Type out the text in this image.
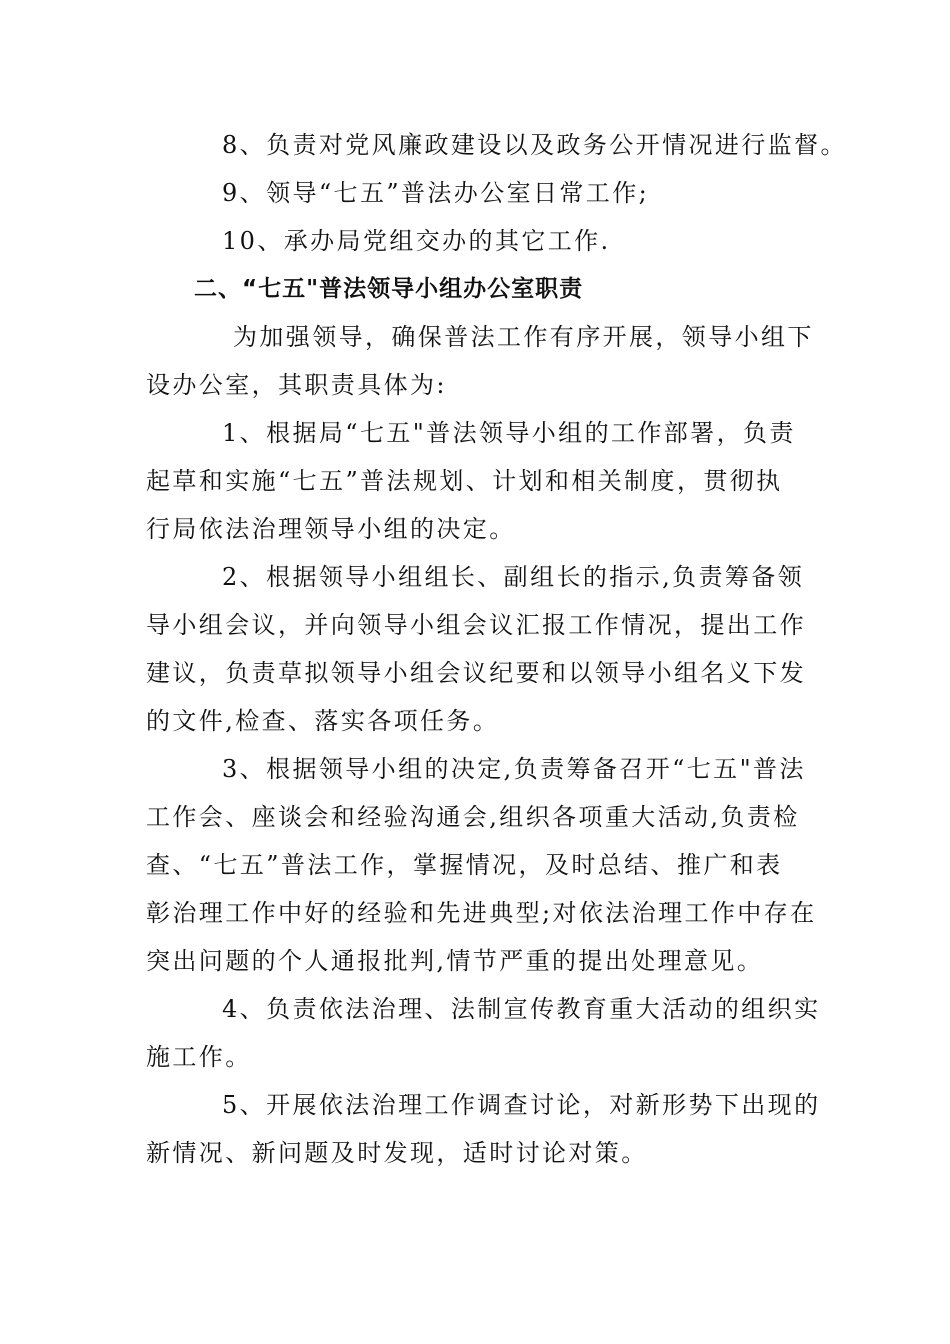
8、负责对党风廉政建设以及政务公开情况进行监督。
9、领导“七五”普法办公室日常工作;
10、承办局党组交办的其它工作.
二、“七五"普法领导小组办公室职责
为加强领导，确保普法工作有序开展，领导小组下
设办公室，其职责具体为:
1、根据局“七五"普法领导小组的工作部署，负责
起草和实施“七五”普法规划、计划和相关制度，贯彻执
行局依法治理领导小组的决定。
2、根据领导小组组长、副组长的指示,负责筹备领
导小组会议，并向领导小组会议汇报工作情况，提出工作
建议，负责草拟领导小组会议纪要和以领导小组名义下发
的文件,检查、落实各项任务。
3、根据领导小组的决定,负责筹备召开“七五"普法
工作会、座谈会和经验沟通会,组织各项重大活动,负责检
查、“七五”普法工作，掌握情况，及时总结、推广和表
彰治理工作中好的经验和先进典型;对依法治理工作中存在
突出问题的个人通报批判,情节严重的提出处理意见。
4、负责依法治理、法制宣传教育重大活动的组织实
施工作。
5、开展依法治理工作调查讨论，对新形势下出现的
新情况、新问题及时发现，适时讨论对策。
